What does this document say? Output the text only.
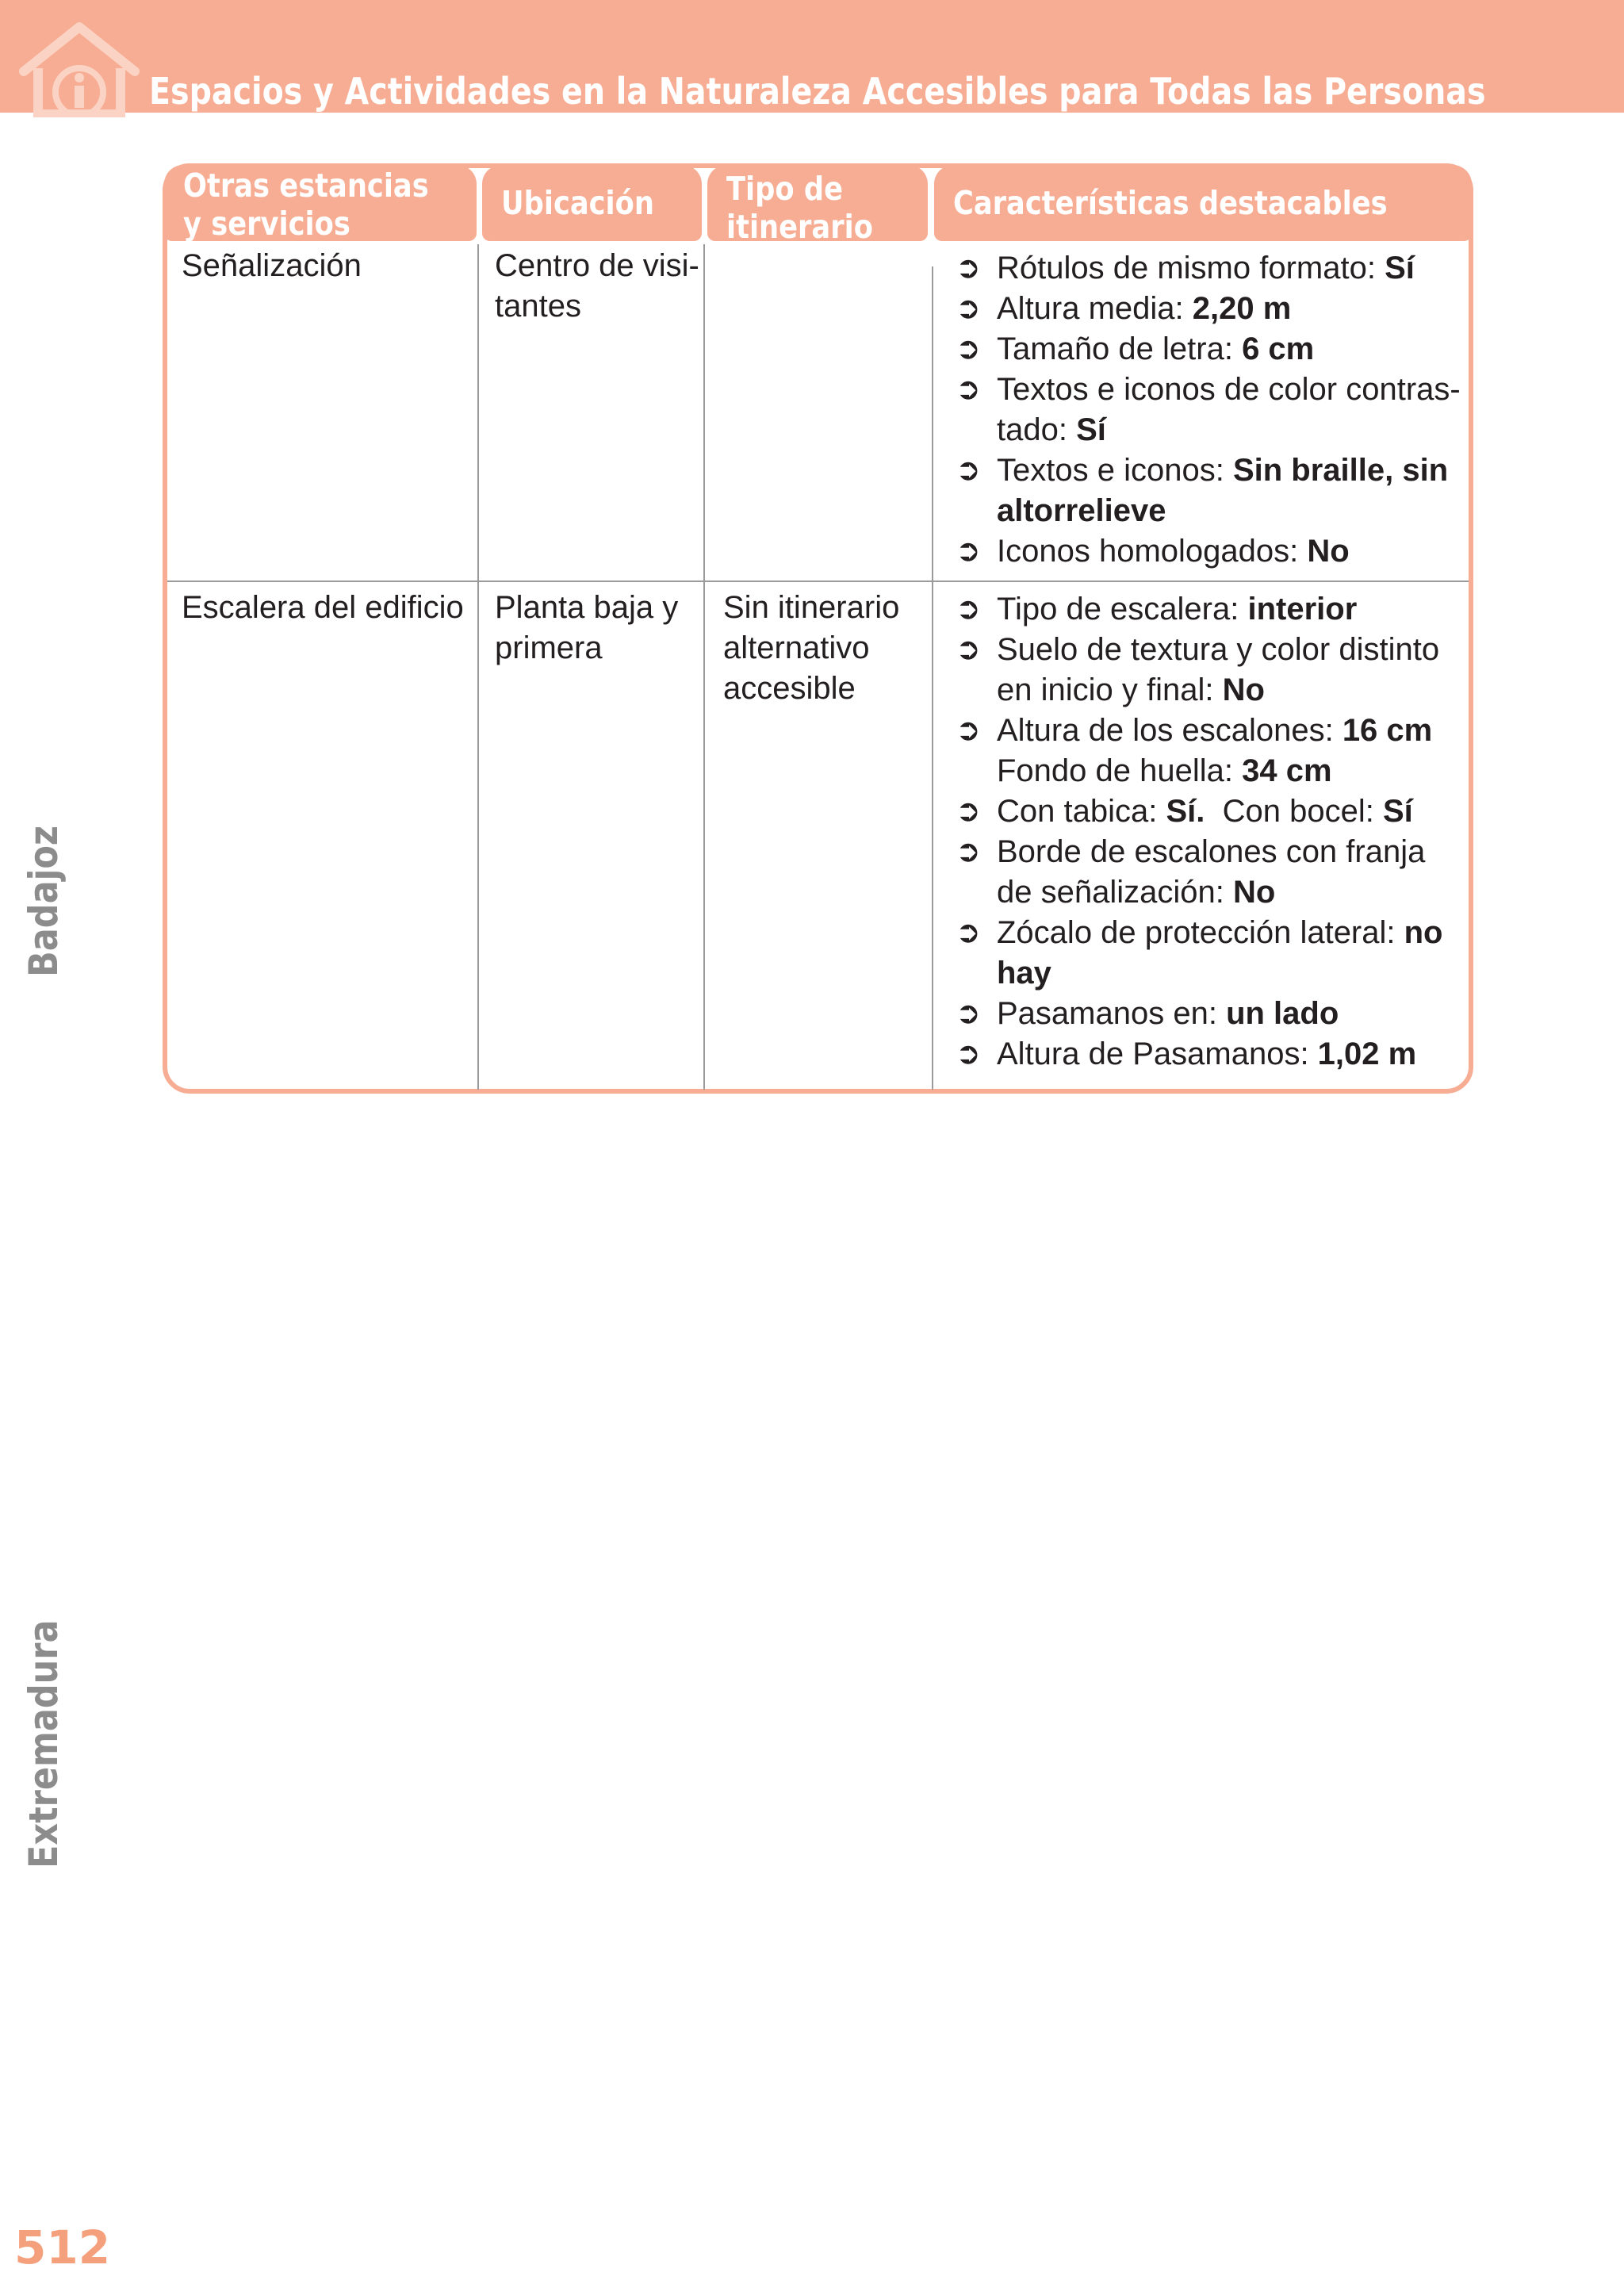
Espacios y Actividades en la Naturaleza Accesibles para Todas las Personas
Badajoz
Extremadura
512
Otras estancias
y servicios
Ubicación Tipo de
itinerario
Características destacables
Señalización	Centro de visi-
tantes
➲ Rótulos de mismo formato: Sí
➲ Altura media: 2,20 m
➲ Tamaño de letra: 6 cm
➲ Textos e iconos de color contras-
tado: Sí
➲ Textos e iconos: Sin braille, sin
altorrelieve
➲ Iconos homologados: No
Escalera del edificio Planta baja y
primera
Sin itinerario
alternativo
accesible
➲ Tipo de escalera: interior
➲ Suelo de textura y color distinto
en inicio y final: No
➲ Altura de los escalones: 16 cm
Fondo de huella: 34 cm
➲ Con tabica: Sí.  Con bocel: Sí
➲ Borde de escalones con franja
de señalización: No
➲ Zócalo de protección lateral: no
hay
➲ Pasamanos en: un lado
➲ Altura de Pasamanos: 1,02 m
